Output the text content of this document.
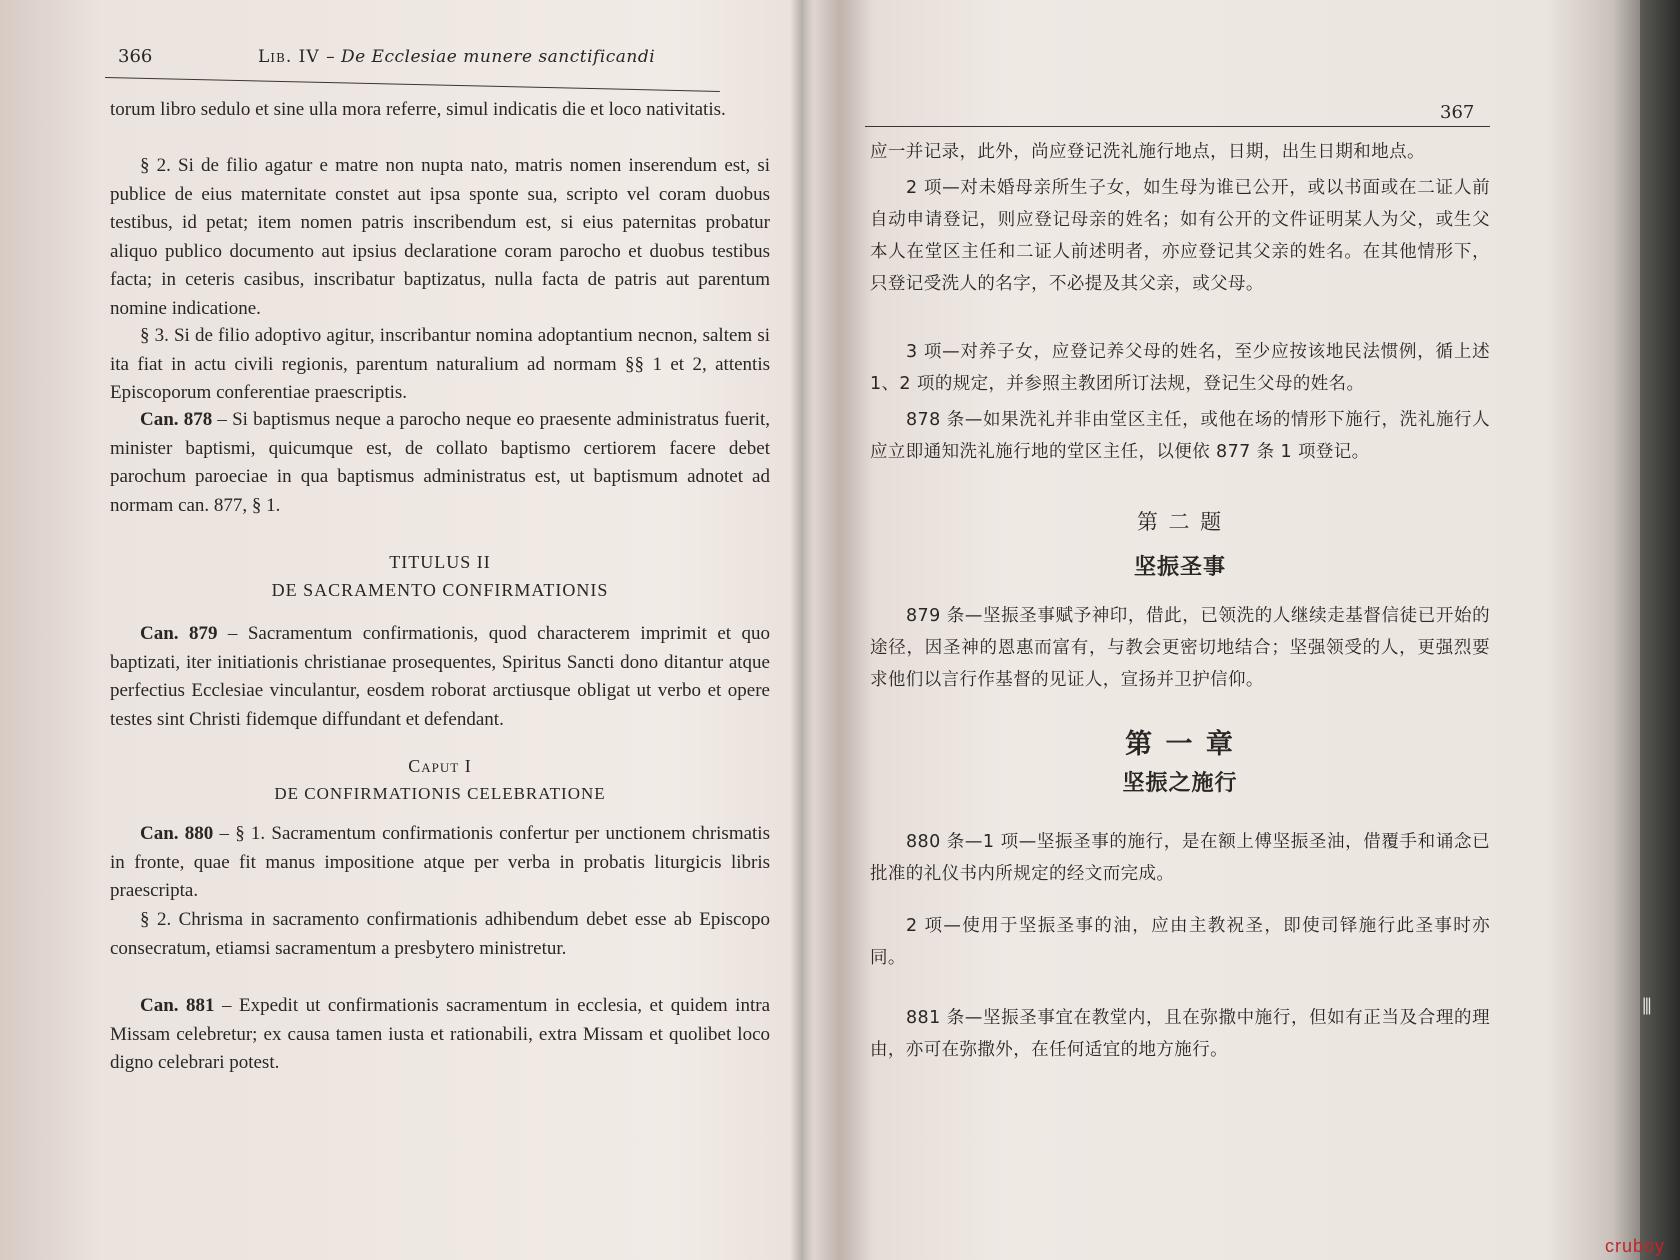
366	Lib. IV – De Ecclesiae munere sanctificandi

torum libro sedulo et sine ulla mora referre, simul indicatis die et loco nativitatis.

§ 2. Si de filio agatur e matre non nupta nato, matris nomen inserendum est, si publice de eius maternitate constet aut ipsa sponte sua, scripto vel coram duobus testibus, id petat; item nomen patris inscribendum est, si eius paternitas probatur aliquo publico documento aut ipsius declaratione coram parocho et duobus testibus facta; in ceteris casibus, inscribatur baptizatus, nulla facta de patris aut parentum nomine indicatione.

§ 3. Si de filio adoptivo agitur, inscribantur nomina adoptantium necnon, saltem si ita fiat in actu civili regionis, parentum naturalium ad normam §§ 1 et 2, attentis Episcoporum conferentiae praescriptis.

Can. 878 – Si baptismus neque a parocho neque eo praesente administratus fuerit, minister baptismi, quicumque est, de collato baptismo certiorem facere debet parochum paroeciae in qua baptismus administratus est, ut baptismum adnotet ad normam can. 877, § 1.

TITULUS II

DE SACRAMENTO CONFIRMATIONIS

Can. 879 – Sacramentum confirmationis, quod characterem imprimit et quo baptizati, iter initiationis christianae prosequentes, Spiritus Sancti dono ditantur atque perfectius Ecclesiae vinculantur, eosdem roborat arctiusque obligat ut verbo et opere testes sint Christi fidemque diffundant et defendant.

Caput I

DE CONFIRMATIONIS CELEBRATIONE

Can. 880 – § 1. Sacramentum confirmationis confertur per unctionem chrismatis in fronte, quae fit manus impositione atque per verba in probatis liturgicis libris praescripta.

§ 2. Chrisma in sacramento confirmationis adhibendum debet esse ab Episcopo consecratum, etiamsi sacramentum a presbytero ministretur.

Can. 881 – Expedit ut confirmationis sacramentum in ecclesia, et quidem intra Missam celebretur; ex causa tamen iusta et rationabili, extra Missam et quolibet loco digno celebrari potest.

367

应一并记录，此外，尚应登记洗礼施行地点，日期，出生日期和地点。

2 项—对未婚母亲所生子女，如生母为谁已公开，或以书面或在二证人前自动申请登记，则应登记母亲的姓名；如有公开的文件证明某人为父，或生父本人在堂区主任和二证人前述明者，亦应登记其父亲的姓名。在其他情形下，只登记受洗人的名字，不必提及其父亲，或父母。

3 项—对养子女，应登记养父母的姓名，至少应按该地民法惯例，循上述 1、2 项的规定，并参照主教团所订法规，登记生父母的姓名。

878 条—如果洗礼并非由堂区主任，或他在场的情形下施行，洗礼施行人应立即通知洗礼施行地的堂区主任，以便依 877 条 1 项登记。

第 二 题

坚振圣事

879 条—坚振圣事赋予神印，借此，已领洗的人继续走基督信徒已开始的途径，因圣神的恩惠而富有，与教会更密切地结合；坚强领受的人，更强烈要求他们以言行作基督的见证人，宣扬并卫护信仰。

第 一 章

坚振之施行

880 条—1 项—坚振圣事的施行，是在额上傅坚振圣油，借覆手和诵念已批准的礼仪书内所规定的经文而完成。

2 项—使用于坚振圣事的油，应由主教祝圣，即使司铎施行此圣事时亦同。

881 条—坚振圣事宜在教堂内，且在弥撒中施行，但如有正当及合理的理由，亦可在弥撒外，在任何适宜的地方施行。

⦀
cruboy
